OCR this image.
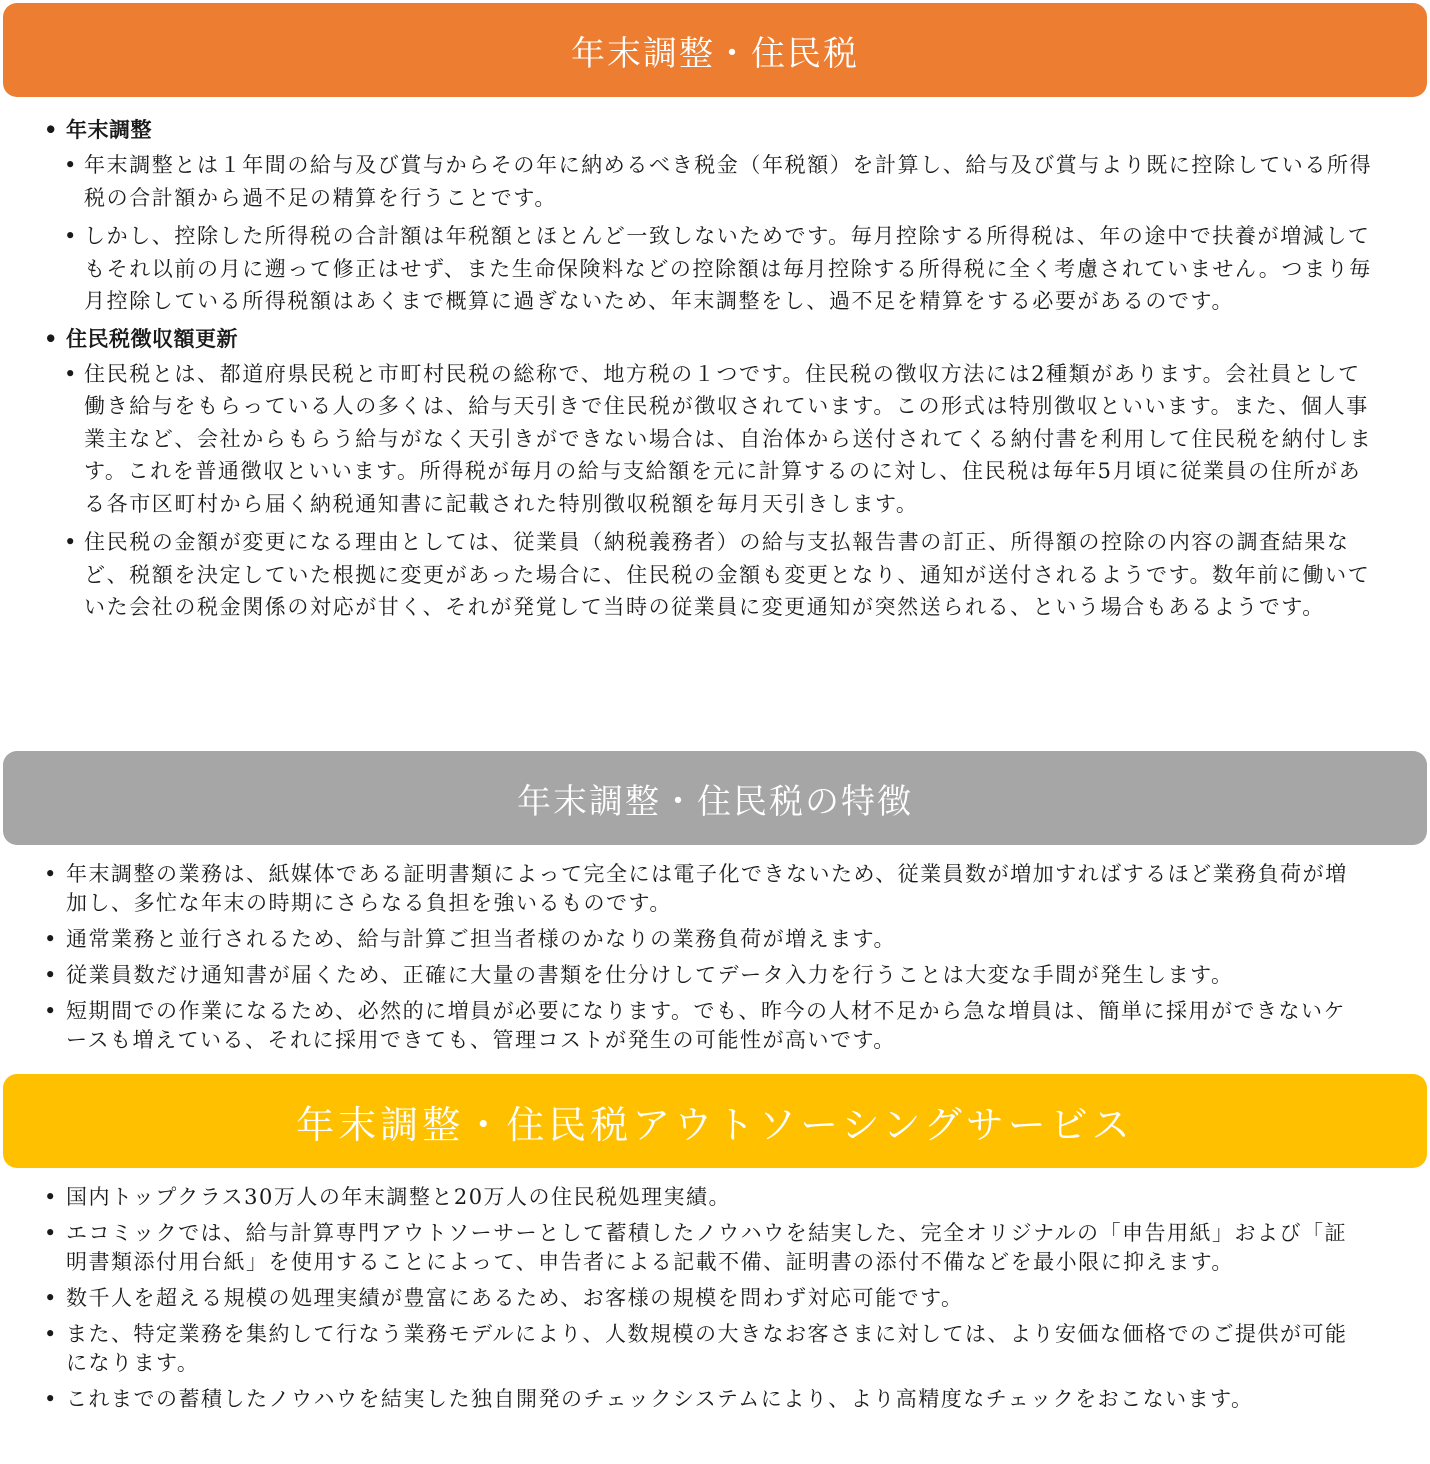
年末調整・住民税
• 年末調整
• 年末調整とは１年間の給与及び賞与からその年に納めるべき税金（年税額）を計算し、給与及び賞与より既に控除している所得税の合計額から過不足の精算を行うことです。
• しかし、控除した所得税の合計額は年税額とほとんど一致しないためです。毎月控除する所得税は、年の途中で扶養が増減してもそれ以前の月に遡って修正はせず、また生命保険料などの控除額は毎月控除する所得税に全く考慮されていません。つまり毎月控除している所得税額はあくまで概算に過ぎないため、年末調整をし、過不足を精算をする必要があるのです。
• 住民税徴収額更新
• 住民税とは、都道府県民税と市町村民税の総称で、地方税の１つです。住民税の徴収方法には2種類があります。会社員として働き給与をもらっている人の多くは、給与天引きで住民税が徴収されています。この形式は特別徴収といいます。また、個人事業主など、会社からもらう給与がなく天引きができない場合は、自治体から送付されてくる納付書を利用して住民税を納付します。これを普通徴収といいます。所得税が毎月の給与支給額を元に計算するのに対し、住民税は毎年5月頃に従業員の住所がある各市区町村から届く納税通知書に記載された特別徴収税額を毎月天引きします。
• 住民税の金額が変更になる理由としては、従業員（納税義務者）の給与支払報告書の訂正、所得額の控除の内容の調査結果など、税額を決定していた根拠に変更があった場合に、住民税の金額も変更となり、通知が送付されるようです。数年前に働いていた会社の税金関係の対応が甘く、それが発覚して当時の従業員に変更通知が突然送られる、という場合もあるようです。
年末調整・住民税の特徴
• 年末調整の業務は、紙媒体である証明書類によって完全には電子化できないため、従業員数が増加すればするほど業務負荷が増加し、多忙な年末の時期にさらなる負担を強いるものです。
• 通常業務と並行されるため、給与計算ご担当者様のかなりの業務負荷が増えます。
• 従業員数だけ通知書が届くため、正確に大量の書類を仕分けしてデータ入力を行うことは大変な手間が発生します。
• 短期間での作業になるため、必然的に増員が必要になります。でも、昨今の人材不足から急な増員は、簡単に採用ができないケースも増えている、それに採用できても、管理コストが発生の可能性が高いです。
年末調整・住民税アウトソーシングサービス
• 国内トップクラス30万人の年末調整と20万人の住民税処理実績。
• エコミックでは、給与計算専門アウトソーサーとして蓄積したノウハウを結実した、完全オリジナルの「申告用紙」および「証明書類添付用台紙」を使用することによって、申告者による記載不備、証明書の添付不備などを最小限に抑えます。
• 数千人を超える規模の処理実績が豊富にあるため、お客様の規模を問わず対応可能です。
• また、特定業務を集約して行なう業務モデルにより、人数規模の大きなお客さまに対しては、より安価な価格でのご提供が可能になります。
• これまでの蓄積したノウハウを結実した独自開発のチェックシステムにより、より高精度なチェックをおこないます。
